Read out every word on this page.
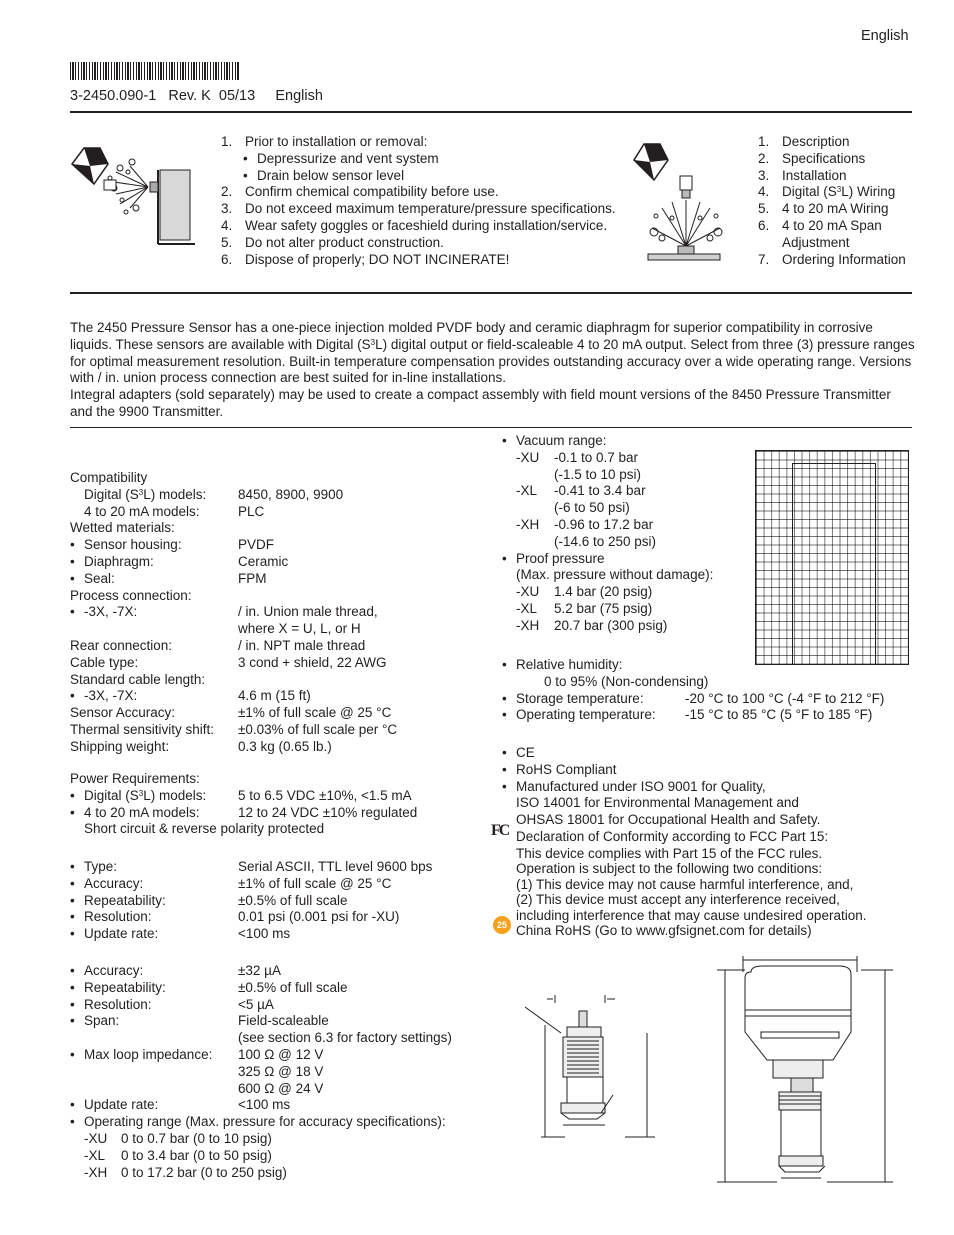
English
3-2450.090-1 Rev. K 05/13 English
1. Prior to installation or removal:
• Depressurize and vent system
• Drain below sensor level
2. Confirm chemical compatibility before use.
3. Do not exceed maximum temperature/pressure specifications.
4. Wear safety goggles or faceshield during installation/service.
5. Do not alter product construction.
6. Dispose of properly; DO NOT INCINERATE!
1. Description
2. Specifications
3. Installation
4. Digital $(S^3L)$ Wiring
5. 4 to 20 mA Wiring
6. 4 to 20 mA Span
Adjustment
7. Ordering Information
The 2450 Pressure Sensor has a one-piece injection molded PVDF body and ceramic diaphragm for superior compatibility in corrosive liquids. These sensors are available with Digital $(S^3L)$ digital output or field-scaleable 4 to 20 mA output. Select from three (3) pressure ranges for optimal measurement resolution. Built-in temperature compensation provides outstanding accuracy over a wide operating range. Versions with / in. union process connection are best suited for in-line installations.
Integral adapters (sold separately) may be used to create a compact assembly with field mount versions of the 8450 Pressure Transmitter and the 9900 Transmitter.
Compatibility
Digital $(S^3L)$ models: 8450, 8900, 9900
4 to 20 mA models:	PLC
Wetted materials:
• Sensor housing:	PVDF
• Diaphragm:	Ceramic
• Seal:	FPM
Process connection:
• -3X, -7X:	/ in. Union male thread,
where X = U, L, or H
Rear connection:	/ in. NPT male thread
Cable type:	3 cond + shield, 22 AWG
Standard cable length:
• -3X, -7X:	4.6 m (15 ft)
Sensor Accuracy:	±1% of full scale @ 25 °C
Thermal sensitivity shift: ±0.03% of full scale per °C
Shipping weight:	0.3 kg (0.65 lb.)
Power Requirements:
• Digital $(S^3L)$ models: 5 to 6.5 VDC ±10%, <1.5 mA
• 4 to 20 mA models:	12 to 24 VDC ±10% regulated
Short circuit & reverse polarity protected
• Type:	Serial ASCII, TTL level 9600 bps
• Accuracy:	±1% of full scale @ 25 °C
• Repeatability:	±0.5% of full scale
• Resolution:	0.01 psi (0.001 psi for -XU)
• Update rate:	<100 ms
• Accuracy:	±32 µA
• Repeatability:	±0.5% of full scale
• Resolution:	<5 µA
• Span:	Field-scaleable
(see section 6.3 for factory settings)
• Max loop impedance: 100 Ω @ 12 V
325 Ω @ 18 V
600 Ω @ 24 V
• Update rate:	<100 ms
• Operating range (Max. pressure for accuracy specifications):
-XU 0 to 0.7 bar (0 to 10 psig)
-XL 0 to 3.4 bar (0 to 50 psig)
-XH 0 to 17.2 bar (0 to 250 psig)
• Vacuum range:
-XU -0.1 to 0.7 bar
(-1.5 to 10 psi)
-XL -0.41 to 3.4 bar
(-6 to 50 psi)
-XH -0.96 to 17.2 bar
(-14.6 to 250 psi)
• Proof pressure
(Max. pressure without damage):
-XU 1.4 bar (20 psig)
-XL 5.2 bar (75 psig)
-XH 20.7 bar (300 psig)
• Relative humidity:
0 to 95% (Non-condensing)
• Storage temperature:	-20 °C to 100 °C (-4 °F to 212 °F)
• Operating temperature: -15 °C to 85 °C (5 °F to 185 °F)
• CE
• RoHS Compliant
• Manufactured under ISO 9001 for Quality,
ISO 14001 for Environmental Management and
OHSAS 18001 for Occupational Health and Safety.
Declaration of Conformity according to FCC Part 15:
This device complies with Part 15 of the FCC rules.
Operation is subject to the following two conditions:
(1) This device may not cause harmful interference, and,
(2) This device must accept any interference received,
including interference that may cause undesired operation.
China RoHS (Go to www.gfsignet.com for details)
FC
25
